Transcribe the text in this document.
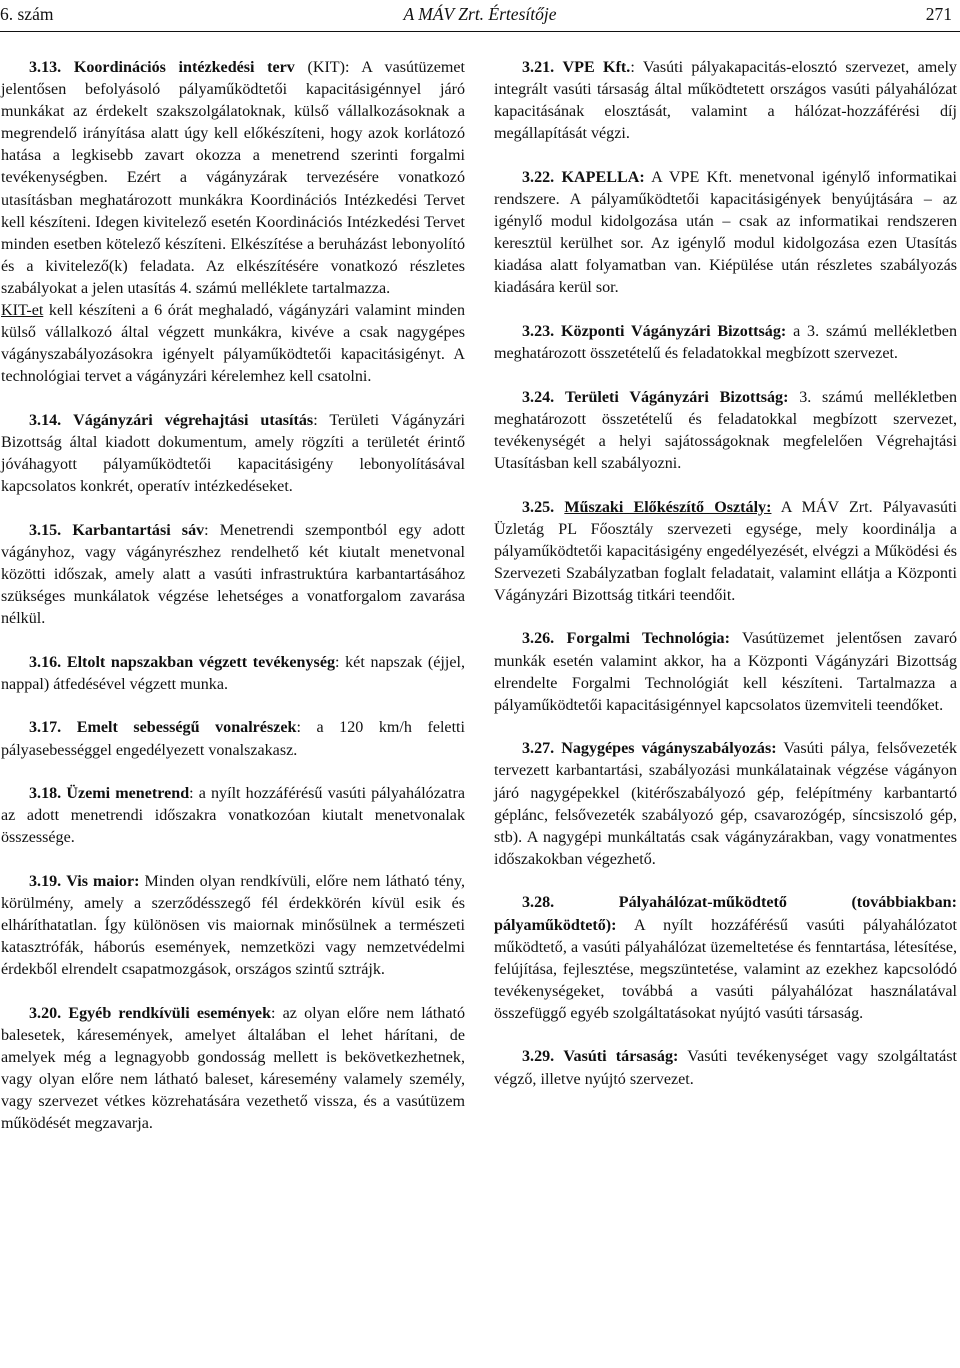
6. szám	A MÁV Zrt. Értesítője	271

3.13. Koordinációs intézkedési terv (KIT): A vasútüzemet jelentősen befolyásoló pályaműködtetői kapacitásigénnyel járó munkákat az érdekelt szakszolgálatoknak, külső vállalkozásoknak a megrendelő irányítása alatt úgy kell előkészíteni, hogy azok korlátozó hatása a legkisebb zavart okozza a menetrend szerinti forgalmi tevékenységben. Ezért a vágányzárak tervezésére vonatkozó utasításban meghatározott munkákra Koordinációs Intézkedési Tervet kell készíteni. Idegen kivitelező esetén Koordinációs Intézkedési Tervet minden esetben kötelező készíteni. Elkészítése a beruházást lebonyolító és a kivitelező(k) feladata. Az elkészítésére vonatkozó részletes szabályokat a jelen utasítás 4. számú melléklete tartalmazza.

KIT-et kell készíteni a 6 órát meghaladó, vágányzári valamint minden külső vállalkozó által végzett munkákra, kivéve a csak nagygépes vágányszabályozásokra igényelt pályaműködtetői kapacitásigényt. A technológiai tervet a vágányzári kérelemhez kell csatolni.

3.14. Vágányzári végrehajtási utasítás: Területi Vágányzári Bizottság által kiadott dokumentum, amely rögzíti a területét érintő jóváhagyott pályaműködtetői kapacitásigény lebonyolításával kapcsolatos konkrét, operatív intézkedéseket.

3.15. Karbantartási sáv: Menetrendi szempontból egy adott vágányhoz, vagy vágányrészhez rendelhető két kiutalt menetvonal közötti időszak, amely alatt a vasúti infrastruktúra karbantartásához szükséges munkálatok végzése lehetséges a vonatforgalom zavarása nélkül.

3.16. Eltolt napszakban végzett tevékenység: két napszak (éjjel, nappal) átfedésével végzett munka.

3.17. Emelt sebességű vonalrészek: a 120 km/h feletti pályasebességgel engedélyezett vonalszakasz.

3.18. Üzemi menetrend: a nyílt hozzáférésű vasúti pályahálózatra az adott menetrendi időszakra vonatkozóan kiutalt menetvonalak összessége.

3.19. Vis maior: Minden olyan rendkívüli, előre nem látható tény, körülmény, amely a szerződésszegő fél érdekkörén kívül esik és elháríthatatlan. Így különösen vis maiornak minősülnek a természeti katasztrófák, háborús események, nemzetközi vagy nemzetvédelmi érdekből elrendelt csapatmozgások, országos szintű sztrájk.

3.20. Egyéb rendkívüli események: az olyan előre nem látható balesetek, káresemények, amelyet általában el lehet hárítani, de amelyek még a legnagyobb gondosság mellett is bekövetkezhetnek, vagy olyan előre nem látható baleset, káresemény valamely személy, vagy szervezet vétkes közrehatására vezethető vissza, és a vasútüzem működését megzavarja.

3.21. VPE Kft.: Vasúti pályakapacitás-elosztó szervezet, amely integrált vasúti társaság által működtetett országos vasúti pályahálózat kapacitásának elosztását, valamint a hálózat-hozzáférési díj megállapítását végzi.

3.22. KAPELLA: A VPE Kft. menetvonal igénylő informatikai rendszere. A pályaműködtetői kapacitásigények benyújtására – az igénylő modul kidolgozása után – csak az informatikai rendszeren keresztül kerülhet sor. Az igénylő modul kidolgozása ezen Utasítás kiadása alatt folyamatban van. Kiépülése után részletes szabályozás kiadására kerül sor.

3.23. Központi Vágányzári Bizottság: a 3. számú mellékletben meghatározott összetételű és feladatokkal megbízott szervezet.

3.24. Területi Vágányzári Bizottság: 3. számú mellékletben meghatározott összetételű és feladatokkal megbízott szervezet, tevékenységét a helyi sajátosságoknak megfelelően Végrehajtási Utasításban kell szabályozni.

3.25. Műszaki Előkészítő Osztály: A MÁV Zrt. Pályavasúti Üzletág PL Főosztály szervezeti egysége, mely koordinálja a pályaműködtetői kapacitásigény engedélyezését, elvégzi a Működési és Szervezeti Szabályzatban foglalt feladatait, valamint ellátja a Központi Vágányzári Bizottság titkári teendőit.

3.26. Forgalmi Technológia: Vasútüzemet jelentősen zavaró munkák esetén valamint akkor, ha a Központi Vágányzári Bizottság elrendelte Forgalmi Technológiát kell készíteni. Tartalmazza a pályaműködtetői kapacitásigénnyel kapcsolatos üzemviteli teendőket.

3.27. Nagygépes vágányszabályozás: Vasúti pálya, felsővezeték tervezett karbantartási, szabályozási munkálatainak végzése vágányon járó nagygépekkel (kitérőszabályozó gép, felépítmény karbantartó géplánc, felsővezeték szabályozó gép, csavarozógép, síncsiszoló gép, stb). A nagygépi munkáltatás csak vágányzárakban, vagy vonatmentes időszakokban végezhető.

3.28.	Pályahálózat-működtető (továbbiakban: pályaműködtető): A nyílt hozzáférésű vasúti pályahálózatot működtető, a vasúti pályahálózat üzemeltetése és fenntartása, létesítése, felújítása, fejlesztése, megszüntetése, valamint az ezekhez kapcsolódó tevékenységeket, továbbá a vasúti pályahálózat használatával összefüggő egyéb szolgáltatásokat nyújtó vasúti társaság.

3.29. Vasúti társaság: Vasúti tevékenységet vagy szolgáltatást végző, illetve nyújtó szervezet.
